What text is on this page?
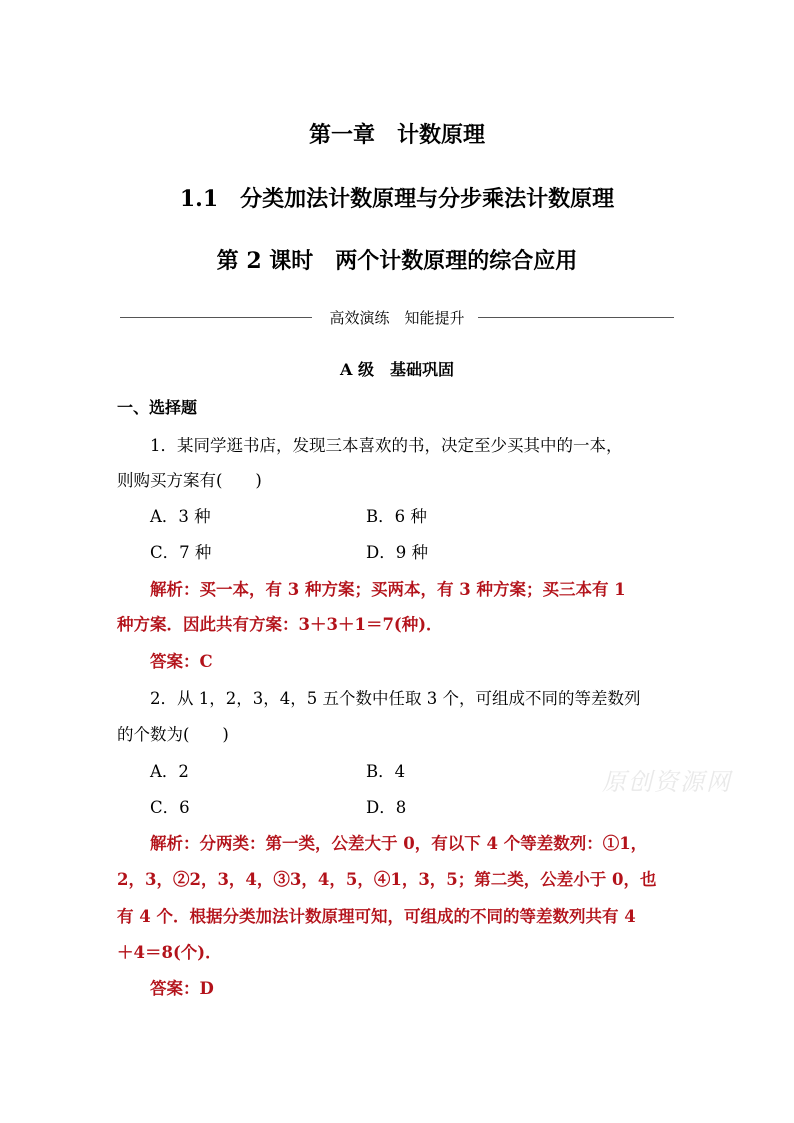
第一章　计数原理
1.1　分类加法计数原理与分步乘法计数原理
第 2 课时　两个计数原理的综合应用
高效演练　知能提升
A 级　基础巩固
一、选择题
1．某同学逛书店，发现三本喜欢的书，决定至少买其中的一本，
则购买方案有(　　)
A．3 种	B．6 种
C．7 种	D．9 种
解析：买一本，有 3 种方案；买两本，有 3 种方案；买三本有 1
种方案．因此共有方案：3＋3＋1＝7(种)．
答案：C
2．从 1，2，3，4，5 五个数中任取 3 个，可组成不同的等差数列
的个数为(　　)
A．2	B．4
C．6	D．8
解析：分两类：第一类，公差大于 0，有以下 4 个等差数列：①1，
2，3，②2，3，4，③3，4，5，④1，3，5；第二类，公差小于 0，也
有 4 个．根据分类加法计数原理可知，可组成的不同的等差数列共有 4
＋4＝8(个)．
答案：D
原创资源网
